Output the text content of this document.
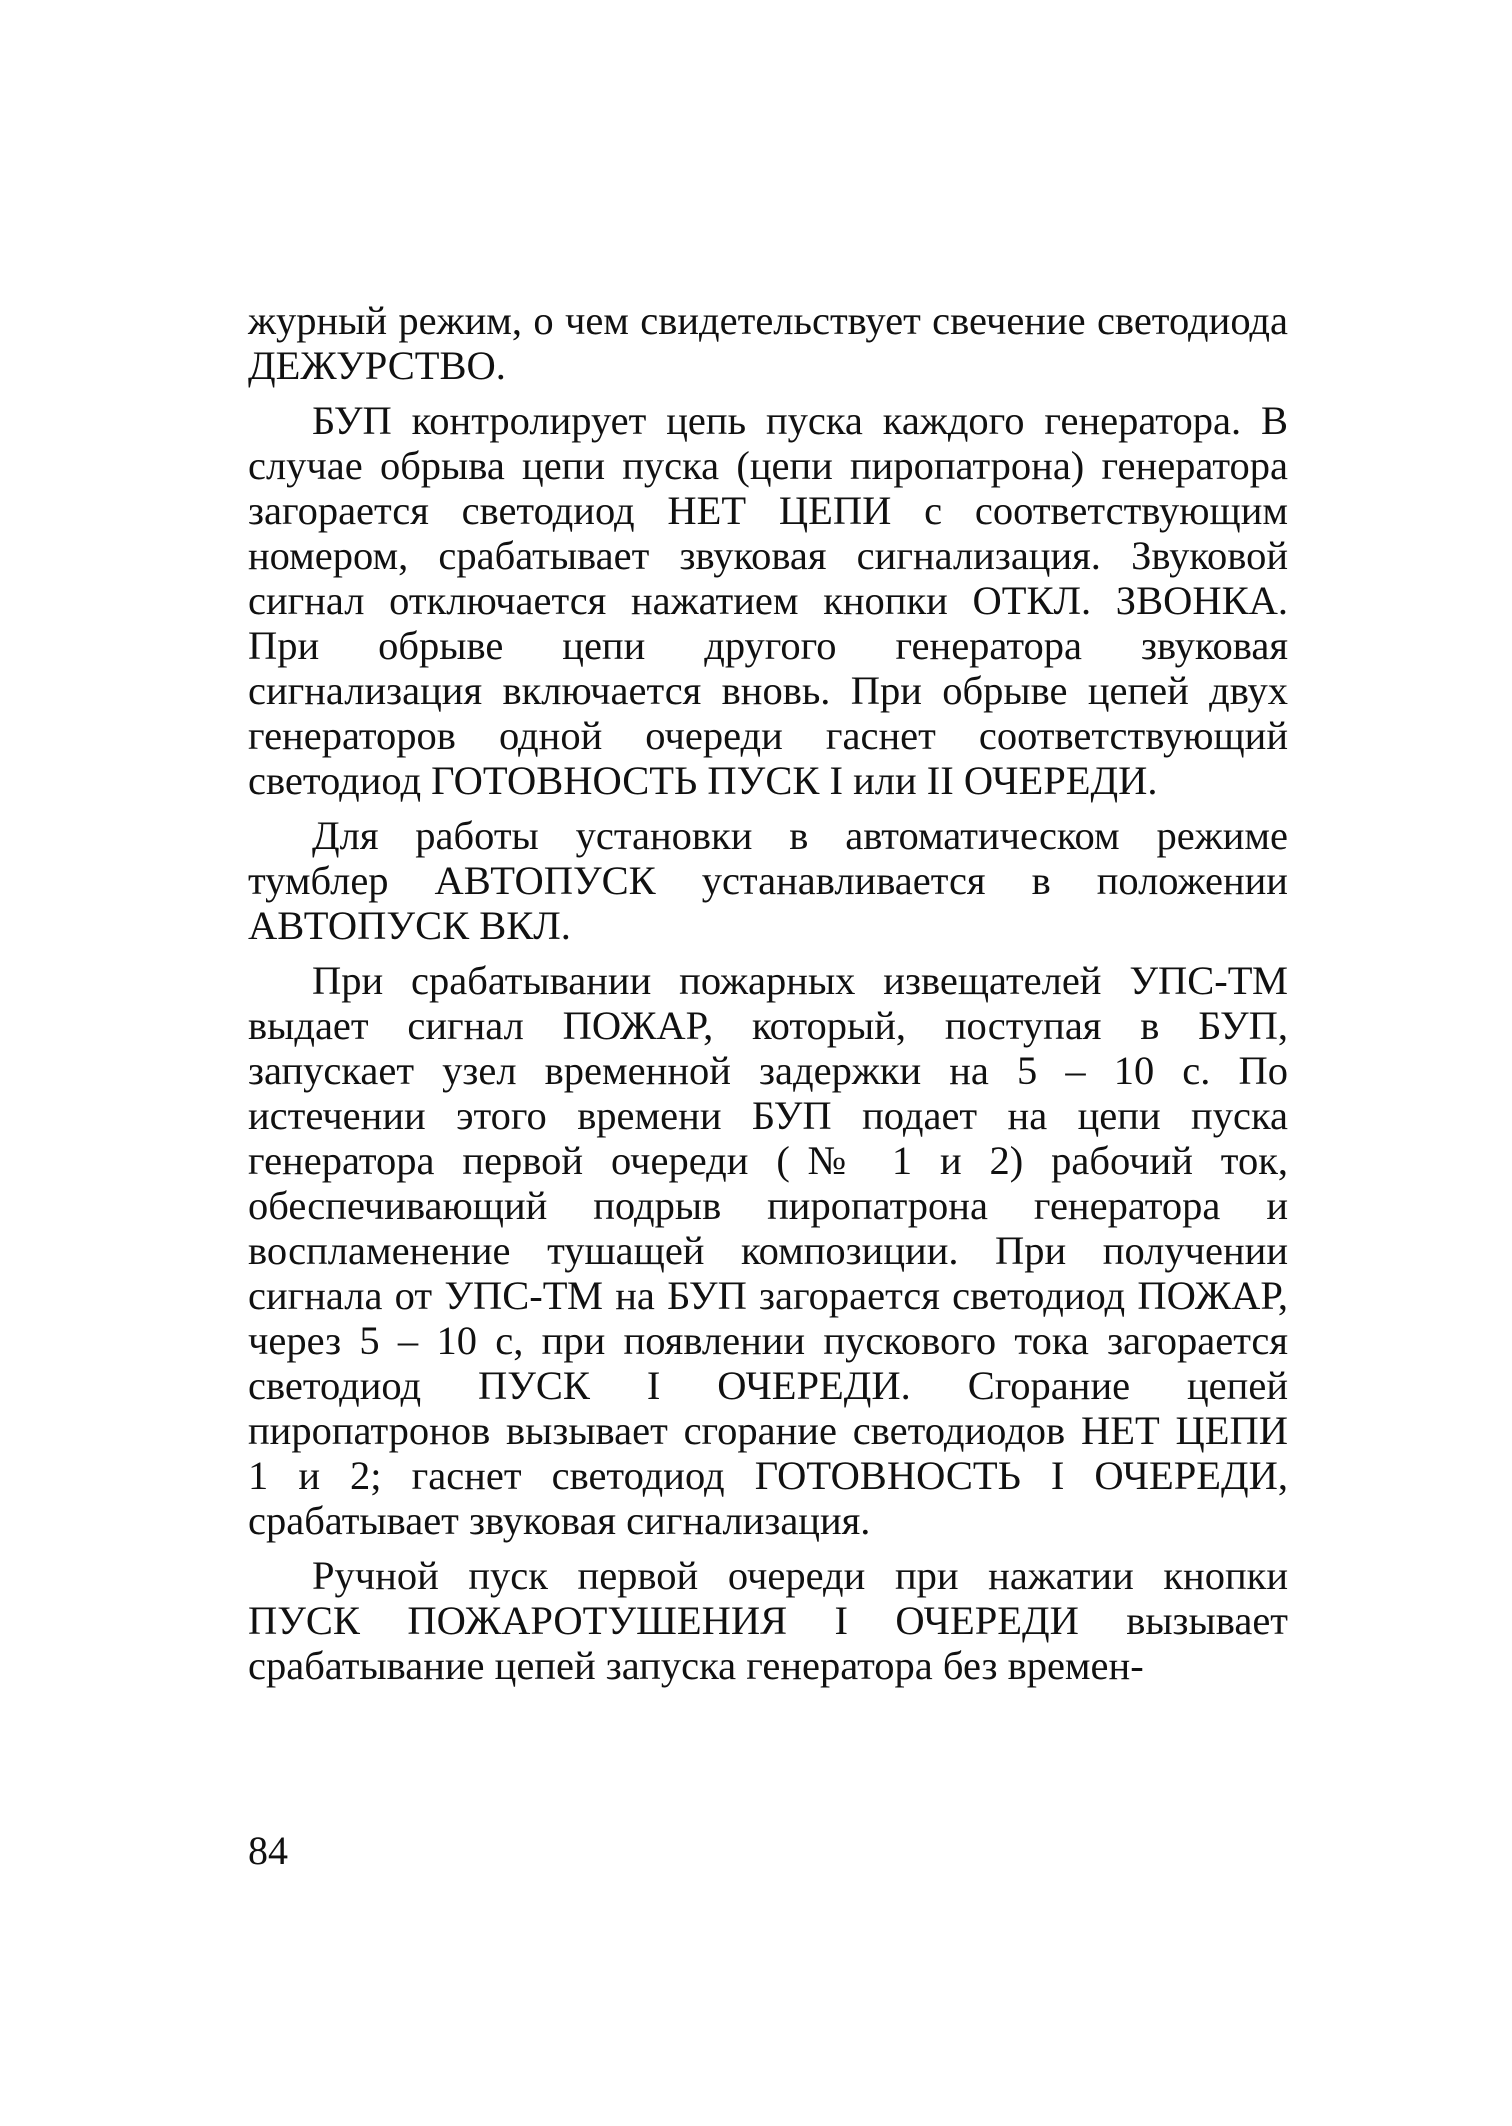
журный режим, о чем свидетельствует свечение светодиода ДЕЖУРСТВО.

БУП контролирует цепь пуска каждого генератора. В случае обрыва цепи пуска (цепи пиропатрона) генератора загорается светодиод НЕТ ЦЕПИ с соответствующим номером, срабатывает звуковая сигнализация. Звуковой сигнал отключается нажатием кнопки ОТКЛ. ЗВОНКА. При обрыве цепи другого генератора звуковая сигнализация включается вновь. При обрыве цепей двух генераторов одной очереди гаснет соответствующий светодиод ГОТОВНОСТЬ ПУСК I или II ОЧЕРЕДИ.

Для работы установки в автоматическом режиме тумблер АВТОПУСК устанавливается в положении АВТОПУСК ВКЛ.

При срабатывании пожарных извещателей УПС-ТМ выдает сигнал ПОЖАР, который, поступая в БУП, запускает узел временной задержки на 5 – 10 с. По истечении этого времени БУП подает на цепи пуска генератора первой очереди (№ 1 и 2) рабочий ток, обеспечивающий подрыв пиропатрона генератора и воспламенение тушащей композиции. При получении сигнала от УПС-ТМ на БУП загорается светодиод ПОЖАР, через 5 – 10 с, при появлении пускового тока загорается светодиод ПУСК I ОЧЕРЕДИ. Сгорание цепей пиропатронов вызывает сгорание светодиодов НЕТ ЦЕПИ 1 и 2; гаснет светодиод ГОТОВНОСТЬ I ОЧЕРЕДИ, срабатывает звуковая сигнализация.

Ручной пуск первой очереди при нажатии кнопки ПУСК ПОЖАРОТУШЕНИЯ I ОЧЕРЕДИ вызывает срабатывание цепей запуска генератора без времен-

84
